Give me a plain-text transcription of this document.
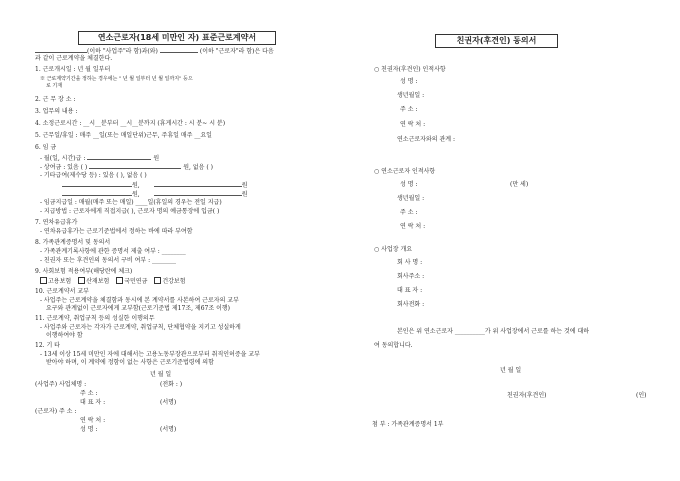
연소근로자(18세 미만인 자) 표준근로계약서
(이하 "사업주"라 함)과(와)	(이하 "근로자"라 함)은 다음
과 같이 근로계약을 체결한다.
1. 근로개시일 : 년 월 일부터
※ 근로계약기간을 정하는 경우에는 " 년 월 일부터 년 월 일까지" 등으
로 기재
2. 근 무 장 소 :
3. 업무의 내용 :
4. 소정근로시간 : __시__분부터 __시__분까지 (휴게시간 : 시 분~ 시 분)
5. 근무일/휴일 : 매주 __일(또는 매일단위)근무, 주휴일 매주 __요일
6. 임 금
- 월(일, 시간)급 :	원
- 상여금 : 있음 ( )	원, 없음 ( )
- 기타급여(제수당 등) : 있음 ( ), 없음 ( )
원,	원
원,	원
- 임금지급일 : 매월(매주 또는 매일) ____일(휴일의 경우는 전일 지급)
- 지급방법 : 근로자에게 직접지급( ), 근로자 명의 예금통장에 입금( )
7. 연차유급휴가
- 연차유급휴가는 근로기준법에서 정하는 바에 따라 부여함
8. 가족관계증명서 및 동의서
- 가족관계기록사항에 관한 증명서 제출 여부 : ________
- 친권자 또는 후견인의 동의서 구비 여부 : ________
9. 사회보험 적용여부(해당란에 체크)
고용보험 산재보험 국민연금 건강보험
10. 근로계약서 교부
- 사업주는 근로계약을 체결함과 동시에 본 계약서를 사본하여 근로자의 교부
요구와 관계없이 근로자에게 교부함(근로기준법 제17조, 제67조 이행)
11. 근로계약, 취업규칙 등의 성실한 이행의무
- 사업주와 근로자는 각자가 근로계약, 취업규칙, 단체협약을 지키고 성실하게
이행하여야 함
12. 기 타
- 13세 이상 15세 미만인 자에 대해서는 고용노동부장관으로부터 취직인허증을 교부
받아야 하며, 이 계약에 정함이 없는 사항은 근로기준법령에 의함
년 월 일
(사업주) 사업체명 :	(전화 : )
주 소 :
대 표 자 :	(서명)
(근로자) 주 소 :
연 락 처 :
성 명 :	(서명)
친권자(후견인) 동의서
○ 친권자(후견인) 인적사항
성 명 :
생년월일 :
주 소 :
연 락 처 :
연소근로자와의 관계 :
○ 연소근로자 인적사항
성 명 :	(만 세)
생년월일 :
주 소 :
연 락 처 :
○ 사업장 개요
회 사 명 :
회사주소 :
대 표 자 :
회사전화 :
본인은 위 연소근로자 __________가 위 사업장에서 근로를 하는 것에 대하
여 동의합니다.
년 월 일
친권자(후견인)	(인)
첨 부 : 가족관계증명서 1부
